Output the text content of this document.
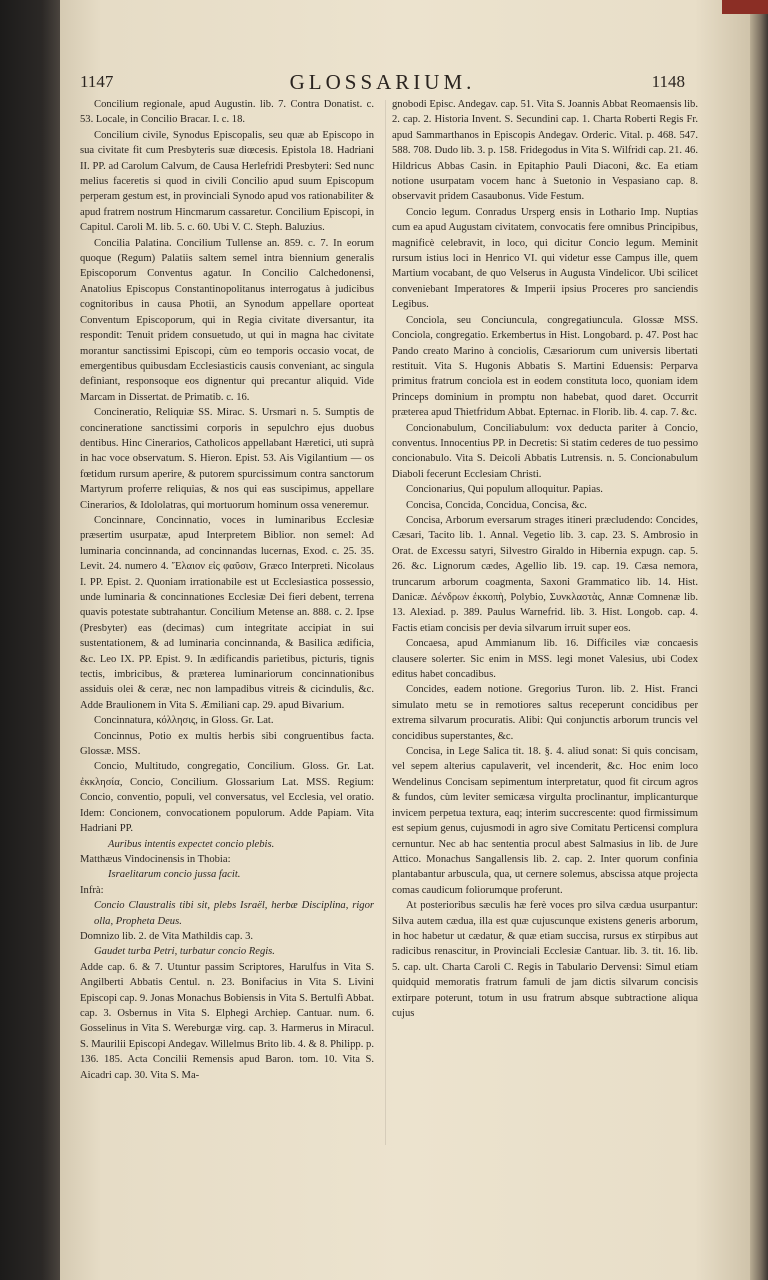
1147	GLOSSARIUM.	1148

Concilium regionale, apud Augustin. lib. 7. Contra Donatist. c. 53. Locale, in Concilio Bracar. I. c. 18.

Concilium civile, Synodus Episcopalis, seu quæ ab Episcopo in sua civitate fit cum Presbyteris suæ diœcesis. Epistola 18. Hadriani II. PP. ad Carolum Calvum, de Causa Herlefridi Presbyteri: Sed nunc melius faceretis si quod in civili Concilio apud suum Episcopum perperam gestum est, in provinciali Synodo apud vos rationabiliter & apud fratrem nostrum Hincmarum cassaretur. Concilium Episcopi, in Capitul. Caroli M. lib. 5. c. 60. Ubi V. C. Steph. Baluzius.

Concilia Palatina. Concilium Tullense an. 859. c. 7. In eorum quoque (Regum) Palatiis saltem semel intra biennium generalis Episcoporum Conventus agatur. In Concilio Calchedonensi, Anatolius Episcopus Constantinopolitanus interrogatus à judicibus cognitoribus in causa Photii, an Synodum appellare oporteat Conventum Episcoporum, qui in Regia civitate diversantur, ita respondit: Tenuit pridem consuetudo, ut qui in magna hac civitate morantur sanctissimi Episcopi, cùm eo temporis occasio vocat, de emergentibus quibusdam Ecclesiasticis causis conveniant, ac singula definiant, responsoque eos dignentur qui precantur aliquid. Vide Marcam in Dissertat. de Primatib. c. 16.

Concineratio, Reliquiæ SS. Mirac. S. Ursmari n. 5. Sumptis de concineratione sanctissimi corporis in sepulchro ejus duobus dentibus. Hinc Cinerarios, Catholicos appellabant Hæretici, uti suprà in hac voce observatum. S. Hieron. Epist. 53. Ais Vigilantium — os fœtidum rursum aperire, & putorem spurcissimum contra sanctorum Martyrum proferre reliquias, & nos qui eas suscipimus, appellare Cinerarios, & Idololatras, qui mortuorum hominum ossa veneremur.

Concinnare, Concinnatio, voces in luminaribus Ecclesiæ præsertim usurpatæ, apud Interpretem Biblior. non semel: Ad luminaria concinnanda, ad concinnandas lucernas, Exod. c. 25. 35. Levit. 24. numero 4. Ἔλαιον εἰς φαῦσιν, Græco Interpreti. Nicolaus I. PP. Epist. 2. Quoniam irrationabile est ut Ecclesiastica possessio, unde luminaria & concinnationes Ecclesiæ Dei fieri debent, terrena quavis potestate subtrahantur. Concilium Metense an. 888. c. 2. Ipse (Presbyter) eas (decimas) cum integritate accipiat in sui sustentationem, & ad luminaria concinnanda, & Basilica ædificia, &c. Leo IX. PP. Epist. 9. In ædificandis parietibus, picturis, tignis tectis, imbricibus, & præterea luminariorum concinnationibus assiduis olei & ceræ, nec non lampadibus vitreis & cicindulis, &c. Adde Braulionem in Vita S. Æmiliani cap. 29. apud Bivarium.

Concinnatura, κόλλησις, in Gloss. Gr. Lat.

Concinnus, Potio ex multis herbis sibi congruentibus facta. Glossæ. MSS.

Concio, Multitudo, congregatio, Concilium. Gloss. Gr. Lat. ἐκκλησία, Concio, Concilium. Glossarium Lat. MSS. Regium: Concio, conventio, populi, vel conversatus, vel Ecclesia, vel oratio. Idem: Concionem, convocationem populorum. Adde Papiam. Vita Hadriani PP.

Auribus intentis expectet concio plebis.

Matthæus Vindocinensis in Thobia:

Israelitarum concio jussa facit.

Infrà:

Concio Claustralis tibi sit, plebs Israël, herbæ Disciplina, rigor olla, Propheta Deus.

Domnizo lib. 2. de Vita Mathildis cap. 3.

Gaudet turba Petri, turbatur concio Regis.

Adde cap. 6. & 7. Utuntur passim Scriptores, Harulfus in Vita S. Angilberti Abbatis Centul. n. 23. Bonifacius in Vita S. Livini Episcopi cap. 9. Jonas Monachus Bobiensis in Vita S. Bertulfi Abbat. cap. 3. Osbernus in Vita S. Elphegi Archiep. Cantuar. num. 6. Gosselinus in Vita S. Wereburgæ virg. cap. 3. Harmerus in Miracul. S. Maurilii Episcopi Andegav. Willelmus Brito lib. 4. & 8. Philipp. p. 136. 185. Acta Concilii Remensis apud Baron. tom. 10. Vita S. Aicadri cap. 30. Vita S. Ma-

gnobodi Episc. Andegav. cap. 51. Vita S. Joannis Abbat Reomaensis lib. 2. cap. 2. Historia Invent. S. Secundini cap. 1. Charta Roberti Regis Fr. apud Sammarthanos in Episcopis Andegav. Orderic. Vital. p. 468. 547. 588. 708. Dudo lib. 3. p. 158. Fridegodus in Vita S. Wilfridi cap. 21. 46. Hildricus Abbas Casin. in Epitaphio Pauli Diaconi, &c. Ea etiam notione usurpatam vocem hanc à Suetonio in Vespasiano cap. 8. observavit pridem Casaubonus. Vide Festum.

Concio legum. Conradus Ursperg ensis in Lothario Imp. Nuptias cum ea apud Augustam civitatem, convocatis fere omnibus Principibus, magnificè celebravit, in loco, qui dicitur Concio legum. Meminit rursum istius loci in Henrico VI. qui videtur esse Campus ille, quem Martium vocabant, de quo Velserus in Augusta Vindelicor. Ubi scilicet conveniebant Imperatores & Imperii ipsius Proceres pro sanciendis Legibus.

Conciola, seu Conciuncula, congregatiuncula. Glossæ MSS. Conciola, congregatio. Erkembertus in Hist. Longobard. p. 47. Post hac Pando creato Marino à conciolis, Cæsariorum cum universis libertati restituit. Vita S. Hugonis Abbatis S. Martini Eduensis: Perparva primitus fratrum conciola est in eodem constituta loco, quoniam idem Princeps dominium in promptu non habebat, quod daret. Occurrit præterea apud Thietfridum Abbat. Epternac. in Florib. lib. 4. cap. 7. &c.

Concionabulum, Conciliabulum: vox deducta pariter à Concio, conventus. Innocentius PP. in Decretis: Si statim cederes de tuo pessimo concionabulo. Vita S. Deicoli Abbatis Lutrensis. n. 5. Concionabulum Diaboli fecerunt Ecclesiam Christi.

Concionarius, Qui populum alloquitur. Papias.

Concisa, Concida, Concidua, Concisa, &c.

Concisa, Arborum eversarum strages itineri præcludendo: Concides, Cæsari, Tacito lib. 1. Annal. Vegetio lib. 3. cap. 23. S. Ambrosio in Orat. de Excessu satyri, Silvestro Giraldo in Hibernia expugn. cap. 5. 26. &c. Lignorum cædes, Agellio lib. 19. cap. 19. Cæsa nemora, truncarum arborum coagmenta, Saxoni Grammatico lib. 14. Hist. Danicæ. Δένδρων ἐκκοπὴ, Polybio, Συνκλαστὰς, Annæ Comnenæ lib. 13. Alexiad. p. 389. Paulus Warnefrid. lib. 3. Hist. Longob. cap. 4. Factis etiam concisis per devia silvarum irruit super eos.

Concaesa, apud Ammianum lib. 16. Difficiles viæ concaesis clausere solerter. Sic enim in MSS. legi monet Valesius, ubi Codex editus habet concadibus.

Concides, eadem notione. Gregorius Turon. lib. 2. Hist. Franci simulato metu se in remotiores saltus receperunt concidibus per extrema silvarum procuratis. Alibi: Qui conjunctis arborum truncis vel concidibus superstantes, &c.

Concisa, in Lege Salica tit. 18. §. 4. aliud sonat: Si quis concisam, vel sepem alterius capulaverit, vel incenderit, &c. Hoc enim loco Wendelinus Concisam sepimentum interpretatur, quod fit circum agros & fundos, cùm leviter semicæsa virgulta proclinantur, implicanturque invicem perpetua textura, eaq; interim succrescente: quod firmissimum est sepium genus, cujusmodi in agro sive Comitatu Perticensi complura cernuntur. Nec ab hac sententia procul abest Salmasius in lib. de Jure Attico. Monachus Sangallensis lib. 2. cap. 2. Inter quorum confinia plantabantur arbuscula, qua, ut cernere solemus, abscissa atque projecta comas caudicum foliorumque proferunt.

At posterioribus sæculis hæ ferè voces pro silva cædua usurpantur: Silva autem cædua, illa est quæ cujuscunque existens generis arborum, in hoc habetur ut cædatur, & quæ etiam succisa, rursus ex stirpibus aut radicibus renascitur, in Provinciali Ecclesiæ Cantuar. lib. 3. tit. 16. lib. 5. cap. ult. Charta Caroli C. Regis in Tabulario Dervensi: Simul etiam quidquid memoratis fratrum famuli de jam dictis silvarum concisis extirpare poterunt, totum in usu fratrum absque subtractione aliqua cujus
